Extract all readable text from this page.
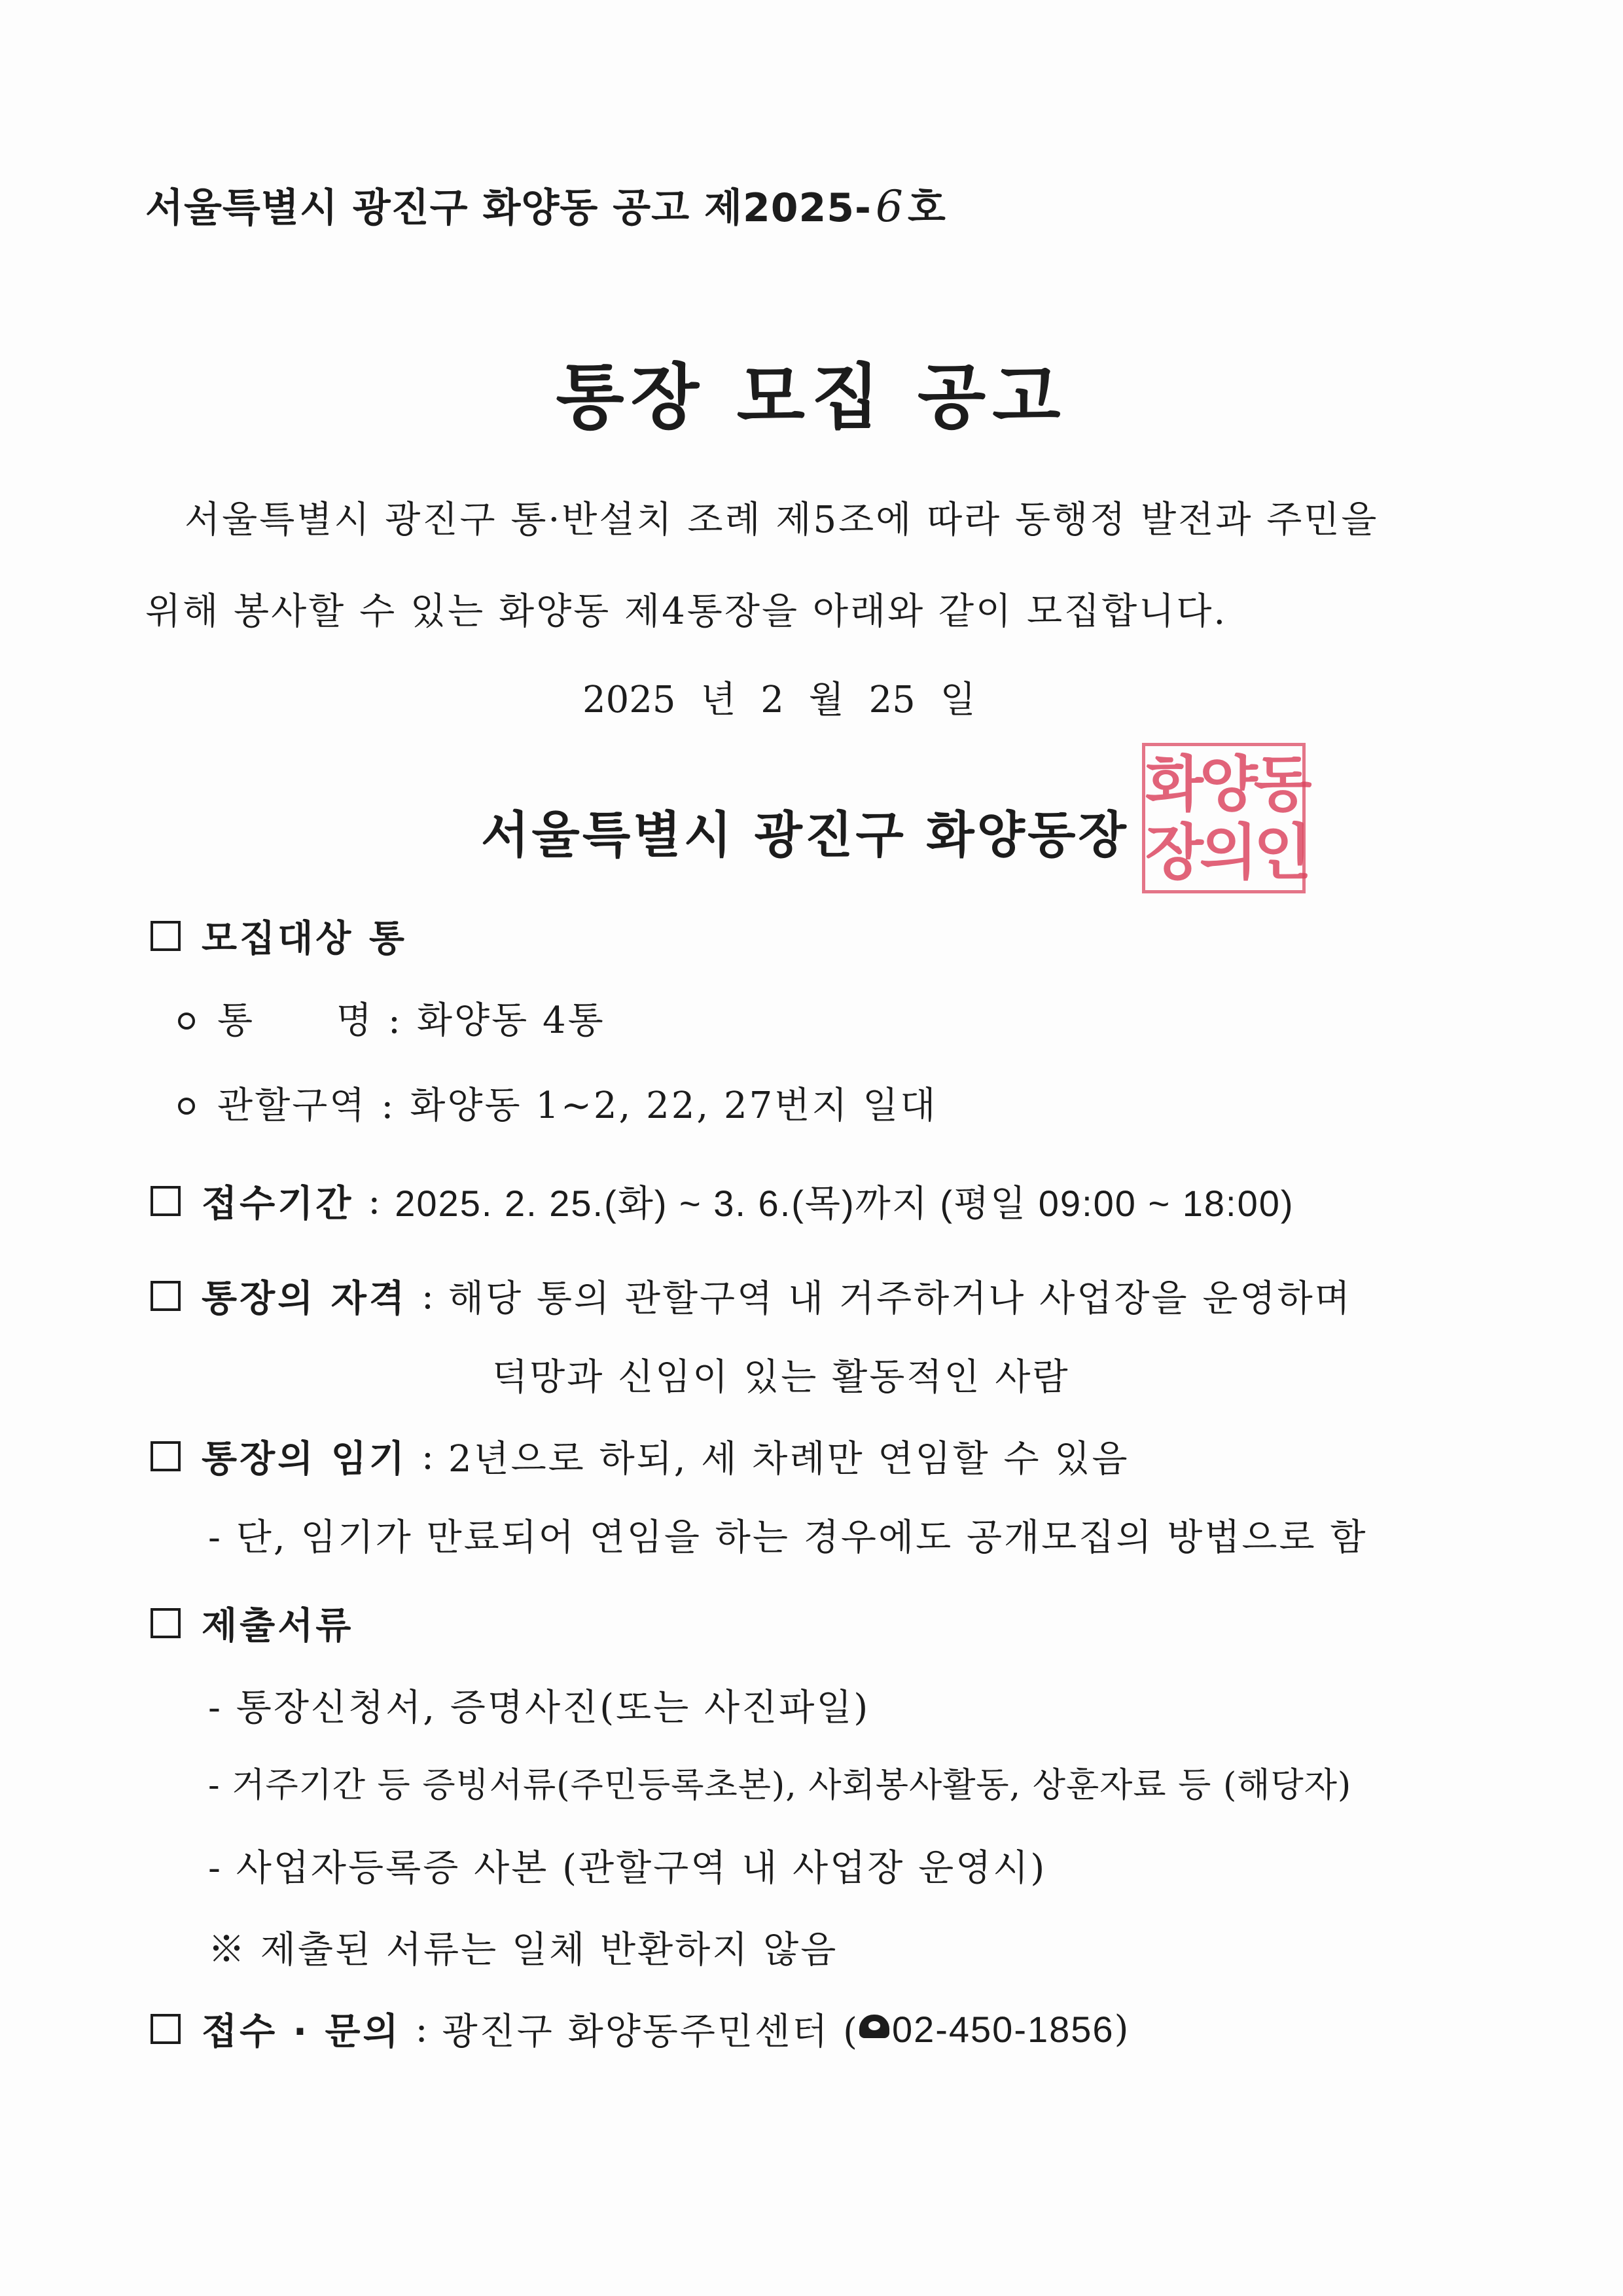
서울특별시 광진구 화양동 공고 제2025-6 호
통장 모집 공고
서울특별시 광진구 통·반설치 조례 제5조에 따라 동행정 발전과 주민을
위해 봉사할 수 있는 화양동 제4통장을 아래와 같이 모집합니다.
2025 년 2 월 25 일
서울특별시 광진구 화양동장
화양동
장의인
모집대상 통
통      명 : 화양동 4통
관할구역 : 화양동 1~2, 22, 27번지 일대
접수기간 : 2025. 2. 25.(화) ~ 3. 6.(목)까지 (평일 09:00 ~ 18:00)
통장의 자격 : 해당 통의 관할구역 내 거주하거나 사업장을 운영하며
덕망과 신임이 있는 활동적인 사람
통장의 임기 : 2년으로 하되, 세 차례만 연임할 수 있음
- 단, 임기가 만료되어 연임을 하는 경우에도 공개모집의 방법으로 함
제출서류
- 통장신청서, 증명사진(또는 사진파일)
- 거주기간 등 증빙서류(주민등록초본), 사회봉사활동, 상훈자료 등 (해당자)
- 사업자등록증 사본 (관할구역 내 사업장 운영시)
※ 제출된 서류는 일체 반환하지 않음
접수 · 문의 : 광진구 화양동주민센터 ( 02-450-1856 )
